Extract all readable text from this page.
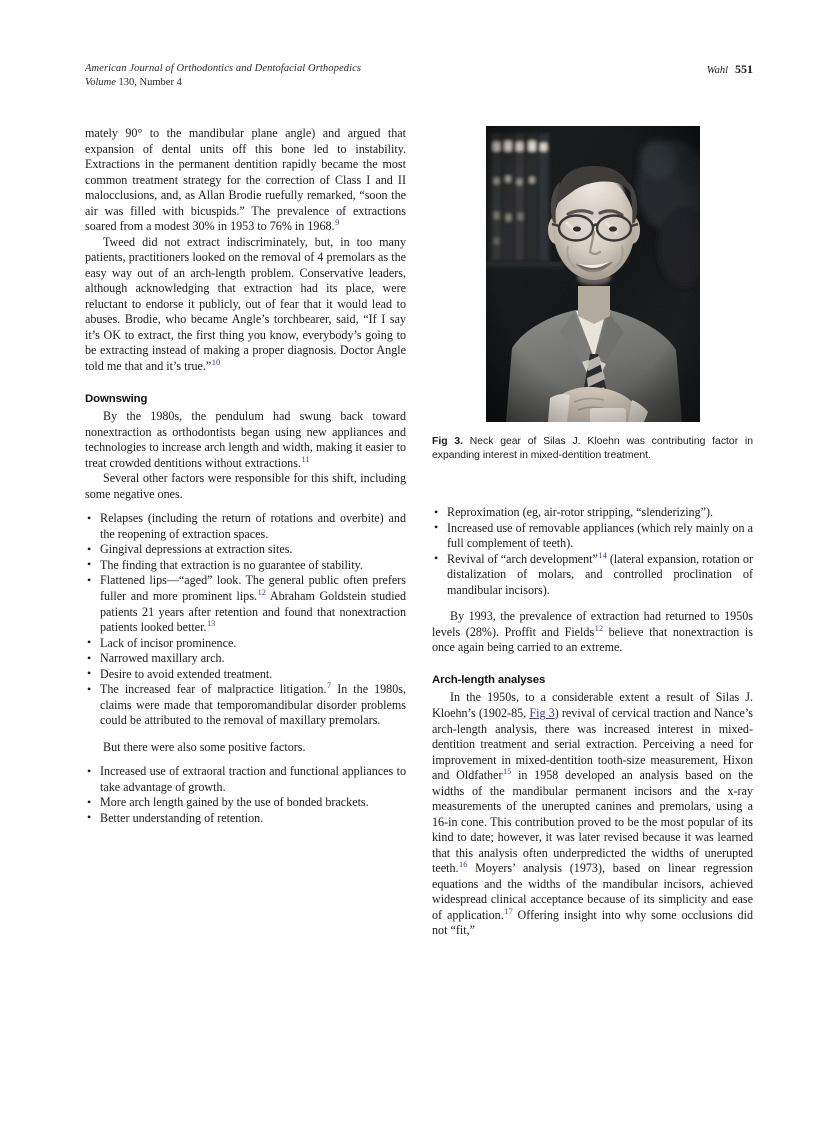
American Journal of Orthodontics and Dentofacial Orthopedics
Volume 130, Number 4
Wahl 551

mately 90° to the mandibular plane angle) and argued that expansion of dental units off this bone led to instability. Extractions in the permanent dentition rapidly became the most common treatment strategy for the correction of Class I and II malocclusions, and, as Allan Brodie ruefully remarked, “soon the air was filled with bicuspids.” The prevalence of extractions soared from a modest 30% in 1953 to 76% in 1968.$^9$

Tweed did not extract indiscriminately, but, in too many patients, practitioners looked on the removal of 4 premolars as the easy way out of an arch-length problem. Conservative leaders, although acknowledging that extraction had its place, were reluctant to endorse it publicly, out of fear that it would lead to abuses. Brodie, who became Angle’s torchbearer, said, “If I say it’s OK to extract, the first thing you know, everybody’s going to be extracting instead of making a proper diagnosis. Doctor Angle told me that and it’s true.”$^{10}$

Downswing

By the 1980s, the pendulum had swung back toward nonextraction as orthodontists began using new appliances and technologies to increase arch length and width, making it easier to treat crowded dentitions without extractions.$^{11}$

Several other factors were responsible for this shift, including some negative ones.

• Relapses (including the return of rotations and overbite) and the reopening of extraction spaces.
• Gingival depressions at extraction sites.
• The finding that extraction is no guarantee of stability.
• Flattened lips—“aged” look. The general public often prefers fuller and more prominent lips.$^{12}$ Abraham Goldstein studied patients 21 years after retention and found that nonextraction patients looked better.$^{13}$
• Lack of incisor prominence.
• Narrowed maxillary arch.
• Desire to avoid extended treatment.
• The increased fear of malpractice litigation.$^7$ In the 1980s, claims were made that temporomandibular disorder problems could be attributed to the removal of maxillary premolars.

But there were also some positive factors.

• Increased use of extraoral traction and functional appliances to take advantage of growth.
• More arch length gained by the use of bonded brackets.
• Better understanding of retention.
Fig 3. Neck gear of Silas J. Kloehn was contributing factor in expanding interest in mixed-dentition treatment.
• Reproximation (eg, air-rotor stripping, “slenderizing”).
• Increased use of removable appliances (which rely mainly on a full complement of teeth).
• Revival of “arch development”$^{14}$ (lateral expansion, rotation or distalization of molars, and controlled proclination of mandibular incisors).

By 1993, the prevalence of extraction had returned to 1950s levels (28%). Proffit and Fields$^{12}$ believe that nonextraction is once again being carried to an extreme.

Arch-length analyses

In the 1950s, to a considerable extent a result of Silas J. Kloehn’s (1902-85, Fig 3) revival of cervical traction and Nance’s arch-length analysis, there was increased interest in mixed-dentition treatment and serial extraction. Perceiving a need for improvement in mixed-dentition tooth-size measurement, Hixon and Oldfather$^{15}$ in 1958 developed an analysis based on the widths of the mandibular permanent incisors and the x-ray measurements of the unerupted canines and premolars, using a 16-in cone. This contribution proved to be the most popular of its kind to date; however, it was later revised because it was learned that this analysis often underpredicted the widths of unerupted teeth.$^{16}$ Moyers’ analysis (1973), based on linear regression equations and the widths of the mandibular incisors, achieved widespread clinical acceptance because of its simplicity and ease of application.$^{17}$ Offering insight into why some occlusions did not “fit,”
